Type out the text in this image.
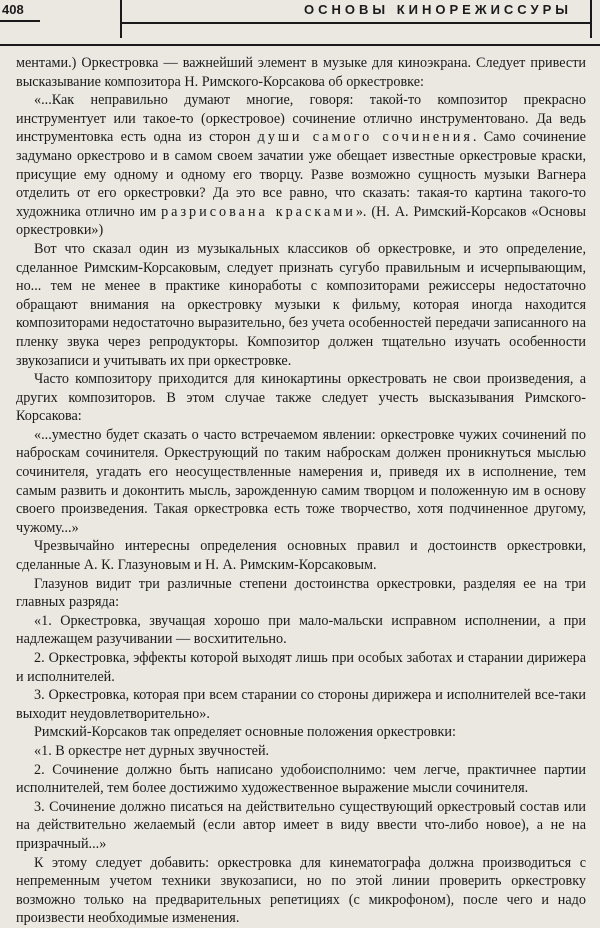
408	ОСНОВЫ КИНОРЕЖИССУРЫ

ментами.) Оркестровка — важнейший элемент в музыке для киноэкрана. Следует привести высказывание композитора Н. Римского-Корсакова об оркестровке:

«...Как неправильно думают многие, говоря: такой-то композитор прекрасно инструментует или такое-то (оркестровое) сочинение отлично инструментовано. Да ведь инструментовка есть одна из сторон души самого сочинения. Само сочинение задумано оркестрово и в самом своем зачатии уже обещает известные оркестровые краски, присущие ему одному и одному его творцу. Разве возможно сущность музыки Вагнера отделить от его оркестровки? Да это все равно, что сказать: такая-то картина такого-то художника отлично им разрисована красками». (Н. А. Римский-Корсаков «Основы оркестровки»)

Вот что сказал один из музыкальных классиков об оркестровке, и это определение, сделанное Римским-Корсаковым, следует признать сугубо правильным и исчерпывающим, но... тем не менее в практике киноработы с композиторами режиссеры недостаточно обращают внимания на оркестровку музыки к фильму, которая иногда находится композиторами недостаточно выразительно, без учета особенностей передачи записанного на пленку звука через репродукторы. Композитор должен тщательно изучать особенности звукозаписи и учитывать их при оркестровке.

Часто композитору приходится для кинокартины оркестровать не свои произведения, а других композиторов. В этом случае также следует учесть высказывания Римского-Корсакова:

«...уместно будет сказать о часто встречаемом явлении: оркестровке чужих сочинений по наброскам сочинителя. Оркеструющий по таким наброскам должен проникнуться мыслью сочинителя, угадать его неосуществленные намерения и, приведя их в исполнение, тем самым развить и доконтить мысль, зарожденную самим творцом и положенную им в основу своего произведения. Такая оркестровка есть тоже творчество, хотя подчиненное другому, чужому...»

Чрезвычайно интересны определения основных правил и достоинств оркестровки, сделанные А. К. Глазуновым и Н. А. Римским-Корсаковым.

Глазунов видит три различные степени достоинства оркестровки, разделяя ее на три главных разряда:

«1. Оркестровка, звучащая хорошо при мало-мальски исправном исполнении, а при надлежащем разучивании — восхитительно.

2. Оркестровка, эффекты которой выходят лишь при особых заботах и старании дирижера и исполнителей.

3. Оркестровка, которая при всем старании со стороны дирижера и исполнителей все-таки выходит неудовлетворительно».

Римский-Корсаков так определяет основные положения оркестровки:

«1. В оркестре нет дурных звучностей.

2. Сочинение должно быть написано удобоисполнимо: чем легче, практичнее партии исполнителей, тем более достижимо художественное выражение мысли сочинителя.

3. Сочинение должно писаться на действительно существующий оркестровый состав или на действительно желаемый (если автор имеет в виду ввести что-либо новое), а не на призрачный...»

К этому следует добавить: оркестровка для кинематографа должна производиться с непременным учетом техники звукозаписи, но по этой линии проверить оркестровку возможно только на предварительных репетициях (с микрофоном), после чего и надо произвести необходимые изменения.
